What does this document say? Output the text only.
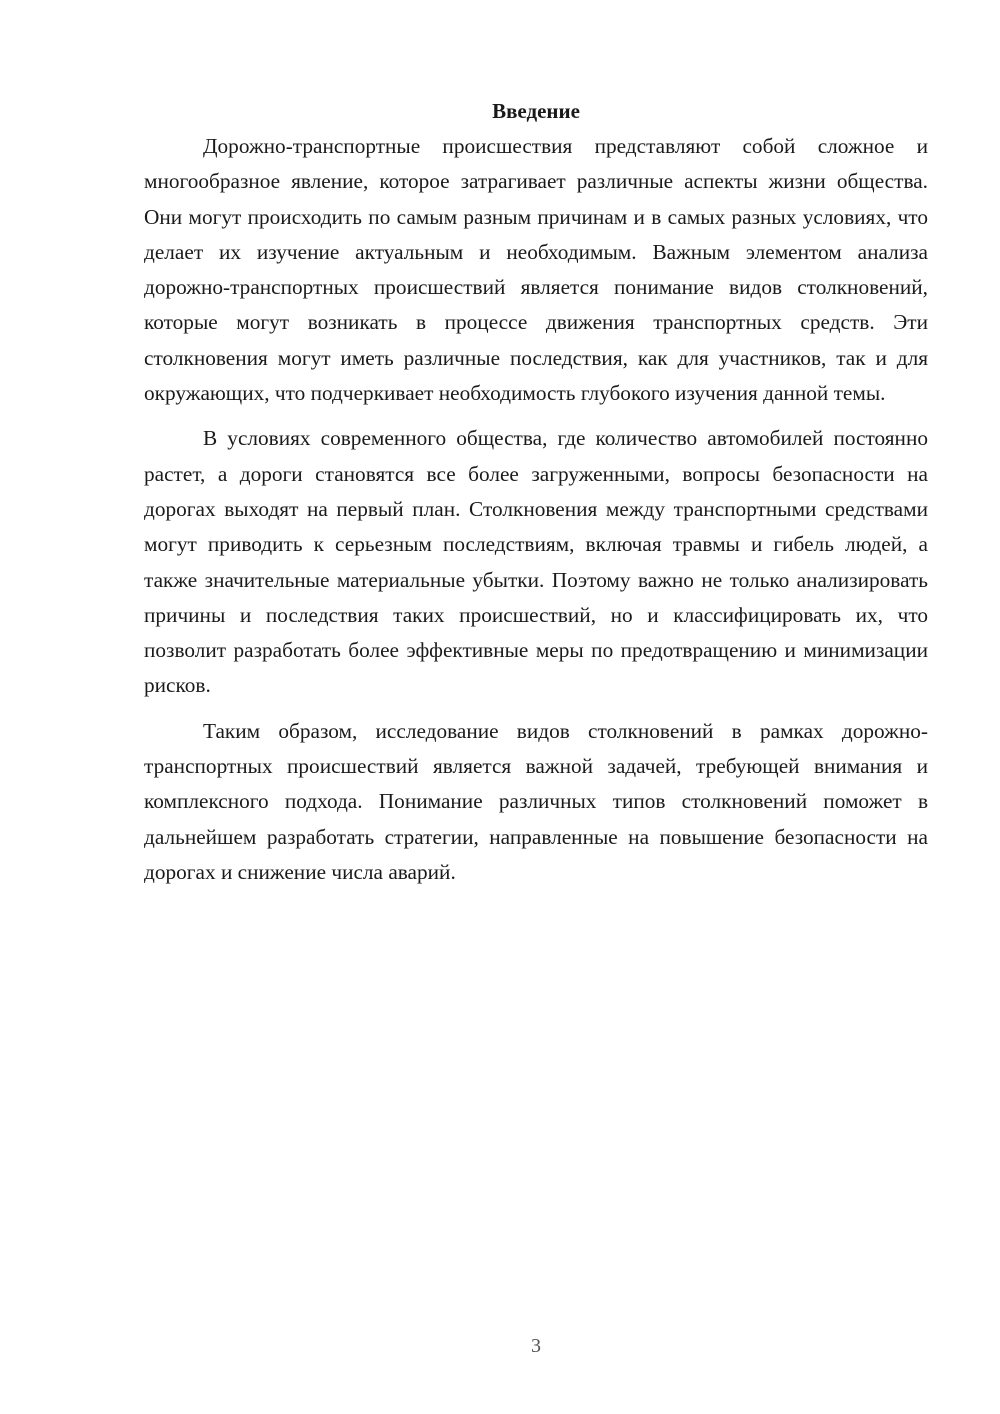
Введение

Дорожно-транспортные происшествия представляют собой сложное и многообразное явление, которое затрагивает различные аспекты жизни общества. Они могут происходить по самым разным причинам и в самых разных условиях, что делает их изучение актуальным и необходимым. Важным элементом анализа дорожно-транспортных происшествий является понимание видов столкновений, которые могут возникать в процессе движения транспортных средств. Эти столкновения могут иметь различные последствия, как для участников, так и для окружающих, что подчеркивает необходимость глубокого изучения данной темы.

В условиях современного общества, где количество автомобилей постоянно растет, а дороги становятся все более загруженными, вопросы безопасности на дорогах выходят на первый план. Столкновения между транспортными средствами могут приводить к серьезным последствиям, включая травмы и гибель людей, а также значительные материальные убытки. Поэтому важно не только анализировать причины и последствия таких происшествий, но и классифицировать их, что позволит разработать более эффективные меры по предотвращению и минимизации рисков.

Таким образом, исследование видов столкновений в рамках дорожно-транспортных происшествий является важной задачей, требующей внимания и комплексного подхода. Понимание различных типов столкновений поможет в дальнейшем разработать стратегии, направленные на повышение безопасности на дорогах и снижение числа аварий.

3
